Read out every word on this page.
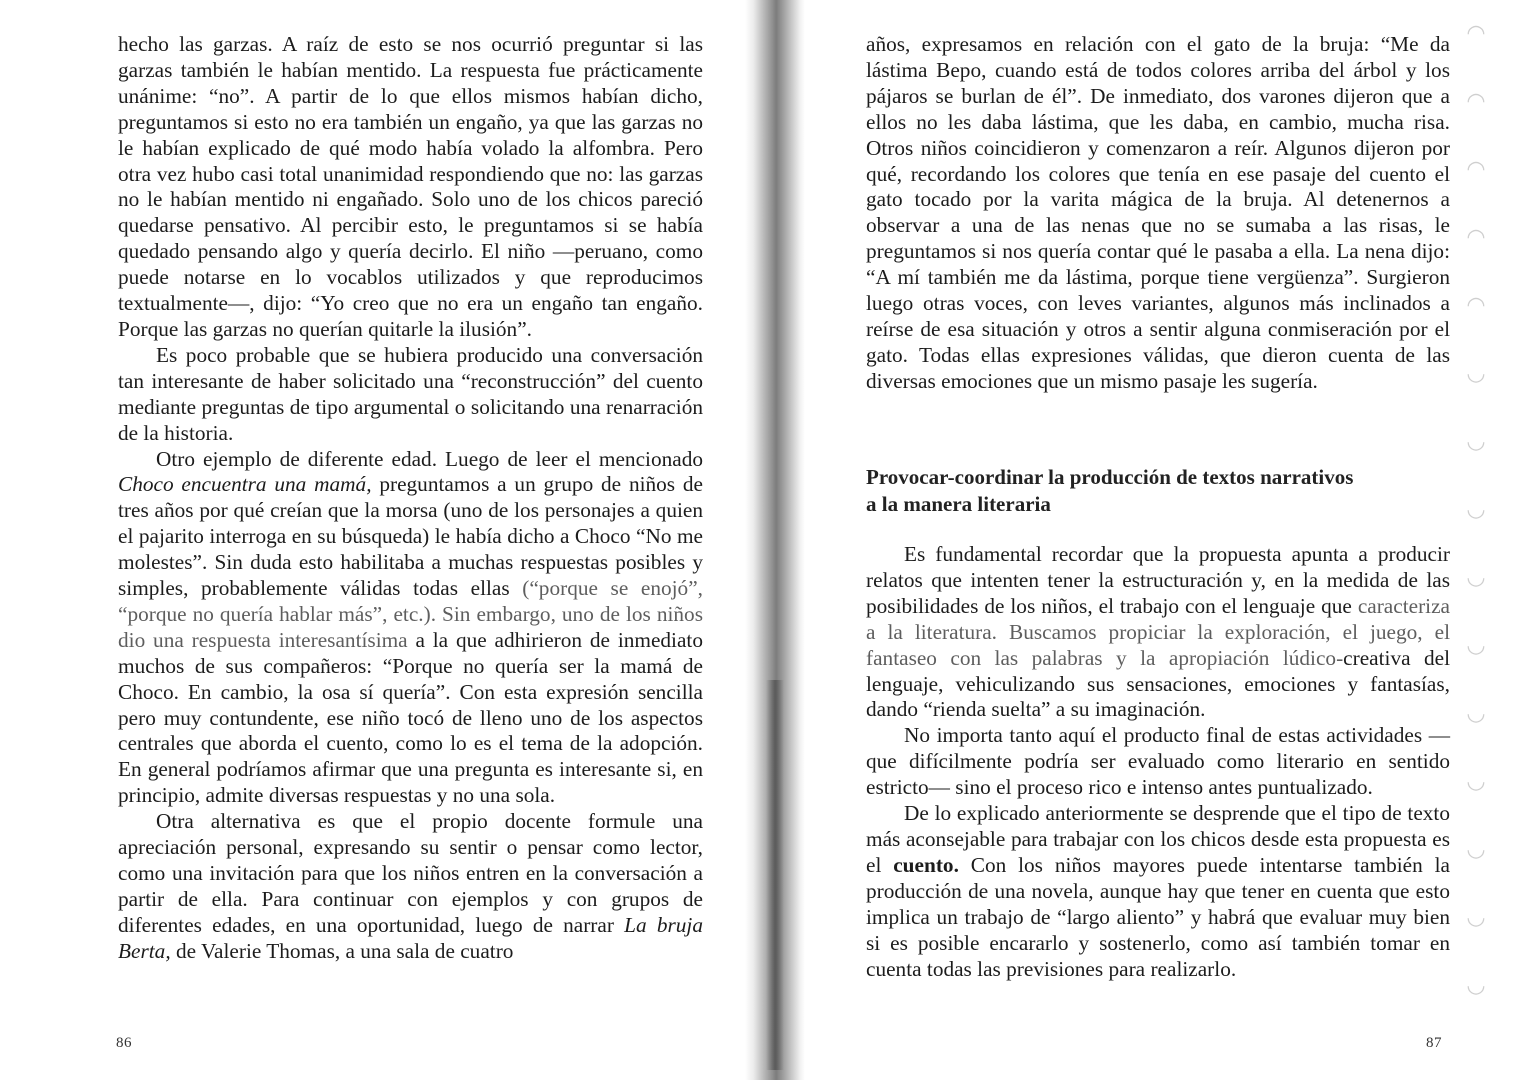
hecho las garzas. A raíz de esto se nos ocurrió preguntar si las garzas también le habían mentido. La respuesta fue prácticamente unánime: “no”. A partir de lo que ellos mismos habían dicho, preguntamos si esto no era también un engaño, ya que las garzas no le habían explicado de qué modo había volado la alfombra. Pero otra vez hubo casi total unanimidad respondiendo que no: las garzas no le habían mentido ni engañado. Solo uno de los chicos pareció quedarse pensativo. Al percibir esto, le preguntamos si se había quedado pensando algo y quería decirlo. El niño —peruano, como puede notarse en lo vocablos utilizados y que reproducimos textualmente—, dijo: “Yo creo que no era un engaño tan engaño. Porque las garzas no querían quitarle la ilusión”.

Es poco probable que se hubiera producido una conversación tan interesante de haber solicitado una “reconstrucción” del cuento mediante preguntas de tipo argumental o solicitando una renarración de la historia.

Otro ejemplo de diferente edad. Luego de leer el mencionado Choco encuentra una mamá, preguntamos a un grupo de niños de tres años por qué creían que la morsa (uno de los personajes a quien el pajarito interroga en su búsqueda) le había dicho a Choco “No me molestes”. Sin duda esto habilitaba a muchas respuestas posibles y simples, probablemente válidas todas ellas (“porque se enojó”, “porque no quería hablar más”, etc.). Sin embargo, uno de los niños dio una respuesta interesantísima a la que adhirieron de inmediato muchos de sus compañeros: “Porque no quería ser la mamá de Choco. En cambio, la osa sí quería”. Con esta expresión sencilla pero muy contundente, ese niño tocó de lleno uno de los aspectos centrales que aborda el cuento, como lo es el tema de la adopción. En general podríamos afirmar que una pregunta es interesante si, en principio, admite diversas respuestas y no una sola.

Otra alternativa es que el propio docente formule una apreciación personal, expresando su sentir o pensar como lector, como una invitación para que los niños entren en la conversación a partir de ella. Para continuar con ejemplos y con grupos de diferentes edades, en una oportunidad, luego de narrar La bruja Berta, de Valerie Thomas, a una sala de cuatro

86

años, expresamos en relación con el gato de la bruja: “Me da lástima Bepo, cuando está de todos colores arriba del árbol y los pájaros se burlan de él”. De inmediato, dos varones dijeron que a ellos no les daba lástima, que les daba, en cambio, mucha risa. Otros niños coincidieron y comenzaron a reír. Algunos dijeron por qué, recordando los colores que tenía en ese pasaje del cuento el gato tocado por la varita mágica de la bruja. Al detenernos a observar a una de las nenas que no se sumaba a las risas, le preguntamos si nos quería contar qué le pasaba a ella. La nena dijo: “A mí también me da lástima, porque tiene vergüenza”. Surgieron luego otras voces, con leves variantes, algunos más inclinados a reírse de esa situación y otros a sentir alguna conmiseración por el gato. Todas ellas expresiones válidas, que dieron cuenta de las diversas emociones que un mismo pasaje les sugería.

Provocar-coordinar la producción de textos narrativos
a la manera literaria

Es fundamental recordar que la propuesta apunta a producir relatos que intenten tener la estructuración y, en la medida de las posibilidades de los niños, el trabajo con el lenguaje que caracteriza a la literatura. Buscamos propiciar la exploración, el juego, el fantaseo con las palabras y la apropiación lúdico-creativa del lenguaje, vehiculizando sus sensaciones, emociones y fantasías, dando “rienda suelta” a su imaginación.

No importa tanto aquí el producto final de estas actividades —que difícilmente podría ser evaluado como literario en sentido estricto— sino el proceso rico e intenso antes puntualizado.

De lo explicado anteriormente se desprende que el tipo de texto más aconsejable para trabajar con los chicos desde esta propuesta es el cuento. Con los niños mayores puede intentarse también la producción de una novela, aunque hay que tener en cuenta que esto implica un trabajo de “largo aliento” y habrá que evaluar muy bien si es posible encararlo y sostenerlo, como así también tomar en cuenta todas las previsiones para realizarlo.

87
◠
◠
◠
◠
◠
◡
◡
◡
◡
◡
◡
◡
◡
◡
◡
